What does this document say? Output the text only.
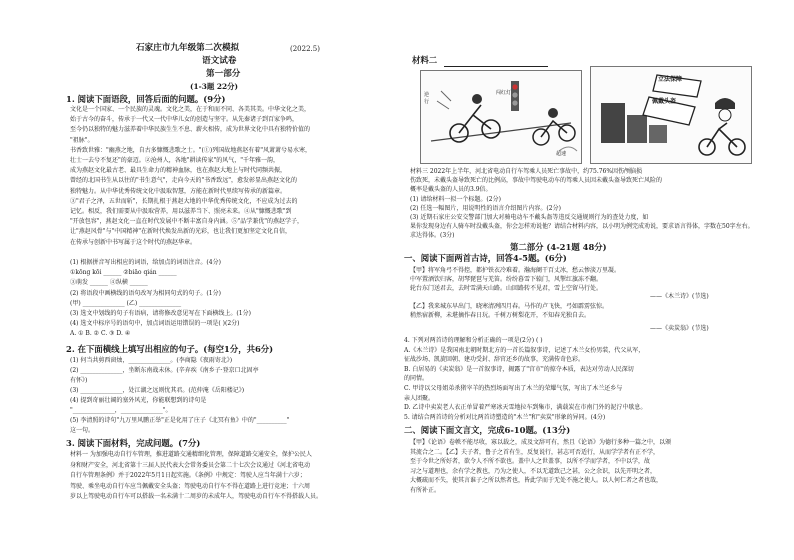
石家庄市九年级第二次模拟	(2022.5)
语文试卷
第一部分
(1-3题 22分)
1. 阅读下面语段，回答后面的问题。(9分)
文化是一个国家、一个民族的灵魂。文化之美，在于和而不同、各美其美。中华文化之美，
始于古今的奋斗，传承于一代又一代中华儿女的创造与坚守。从先秦诸子到百家争鸣，
至今仍以独特的魅力滋养着中华民族生生不息、薪火相传，成为世界文化中具有独特价值的
"祖脉"。
书香致世雅："幽燕之地，自古多慷慨悲歌之士。"(①)列国故地燕赵有着"风萧萧兮易水寒，
壮士一去兮不复还"的豪迈。②沧州人，各地"耕读传家"的风气，"千年雅一韵，
成为燕赵文化最古老、最具生命力的精神血脉，也在燕赵大地上与时代同频共振，
曾经的北国书生从以往的"书生意气"，走向今天的"书香致远"，愈发彰显出燕赵文化的
独特魅力。从中华优秀传统文化中汲取智慧，方能在新时代里续写传承的新篇章。
③"君子之泽，五世而斩"，长期扎根于燕赵大地的中华优秀传统文化，不应成为过去的
记忆。相反，我们需要从中汲取营养，用以滋养当下、照亮未来。④从"慷慨悲歌"到
"开放包容"，燕赵文化一直在时代发展中不断丰富自身内涵。⑤"品学兼优"的燕赵学子，
让"燕赵风骨"与"中国精神"在新时代焕发出新的光彩，也让我们更加坚定文化自信，
在传承与创新中书写属于这个时代的燕赵华章。
(1) 根据拼音写出相应的词语，给加点的词语注音。(4分)
①kōng kōi ______ ②biāo qián ______
③萌发 ______ ④纵横 ______
(2) 将语段中画横线的语句改写为相同句式的句子。(1分)
(甲) ______________ (乙) ______________
(3) 选文中划线的句子有语病，请将修改意见写在下面横线上。(1分)
(4) 选文中标序号的语句中，加点词语运用错误的一项是( )(2分)
A. ① B. ② C. ③ D. ④
2. 在下面横线上填写出相应的句子。(每空1分，共6分)
(1) 何当共剪西窗烛，______________。(李商隐《夜雨寄北》)
(2) ______________，坐断东南战未休。(辛弃疾《南乡子·登京口北固亭
有怀》)
(3) ______________，处江湖之远则忧其君。(范仲淹《岳阳楼记》)
(4) 提到奇丽壮阔的塞外风光，你能联想到的诗句是
"______________，______________"。
(5) 李清照的诗句"九万里风鹏正举"正是化用了庄子《北冥有鱼》中的"__________"
这一句。
3. 阅读下面材料，完成问题。(7分)
材料一 为加强电动自行车管理，推进道路交通精细化管理，保障道路交通安全，保护公民人
身和财产安全，河北省第十三届人民代表大会常务委员会第二十七次会议通过《河北省电动
自行车管理条例》并于2022年5月1日起实施。《条例》中规定：驾驶人应当年满十六岁；
驾驶、乘坐电动自行车应当佩戴安全头盔；驾驶电动自行车不得在道路上进行竞速；十六周
岁以上驾驶电动自行车可以搭载一名未满十二周岁的未成年人，驾驶电动自行车不得搭载人员。
材料二
逆
行
闯红灯
超速
立法保障
佩戴头盔
材料三 2022年上半年，河北省电动自行车驾乘人员死亡事故中，约75.76%因伤颅脑损
伤致死，未戴头盔导致死亡的比例高，事故中驾驶电动车的驾乘人员因未戴头盔导致死亡风险的
概率是戴头盔的人员的3.9倍。
(1) 请给材料一拟一个标题。(2分)
(2) 任选一幅图片，用说明性的语言介绍图片内容。(2分)
(3) 近期石家庄公安交警部门加大对骑电动车不戴头盔等违反交通规则行为的查处力度，如
果你发现身边有人骑车时没戴头盔，你会怎样劝说他？请结合材料内容，以小明为例完成劝说，要求语言得体，字数在50字左右。
求达得体。(3分)
第二部分 (4-21题 48分)
一、阅读下面两首古诗，回答4-5题。(6分)
【甲】将军角弓不得控，都护铁衣冷难着。瀚海阑干百丈冰，愁云惨淡万里凝。
中军置酒饮归客，胡琴琵琶与羌笛。纷纷暮雪下辕门，风掣红旗冻不翻。
轮台东门送君去，去时雪满天山路。山回路转不见君，雪上空留马行处。
——《木兰诗》(节选)
【乙】我来城东早出门，晓寒清冽四月春。马作的卢飞快，弓如霹雳弦惊。
稍然宿新柳，未堪摘作春日玩。千树万树梨花开，不知春光独自去。
——《卖炭翁》(节选)
4. 下列对两首诗的理解和分析正确的一项是(2分) ( )
A.《木兰诗》是我国南北朝时期北方的一首长篇叙事诗，记述了木兰女扮男装，代父从军，
征战沙场、凯旋回朝、建功受封、辞官还乡的故事，充满传奇色彩。
B. 白居易的《卖炭翁》是一首叙事诗，揭露了"宫市"的掠夺本质，表达对劳动人民深切
的同情。
C. 甲诗以父母姐弟杀猪宰羊的热烈场面写出了木兰的荣耀气氛，写出了木兰还乡与
亲人团聚。
D. 乙诗中卖炭老人衣正单冒着严寒冰天雪地拉车到集市，满载炭在市南门外的泥泞中歇息。
5. 请结合两首诗的分析对比两首诗塑造的"木兰"和"卖炭"形象的异同。(4分)
二、阅读下面文言文，完成6-10题。(13分)
【甲】《论语》卷帙不能尽收，寡以载之，成及文辞可有，然且《论语》为德行多种一篇之中，以颁
其流合之二。【乙】夫子者，鲁子之首有生，反复说行，甚志可否适行，从而学学者有正不学，
至于今世之所好者，欲令人不所不欲也。盖中人之世盖事，以所不学而学者，不中以学，故
习之与道理也，余有学之教也，乃为之使人，不以无道致己之甚，公之余识，以先开明之者，
大概疏而不失，使其言谁子之所以然者也，皆此学而于无处不施之使人。以人何仁者之者也哉，
有所补正。
